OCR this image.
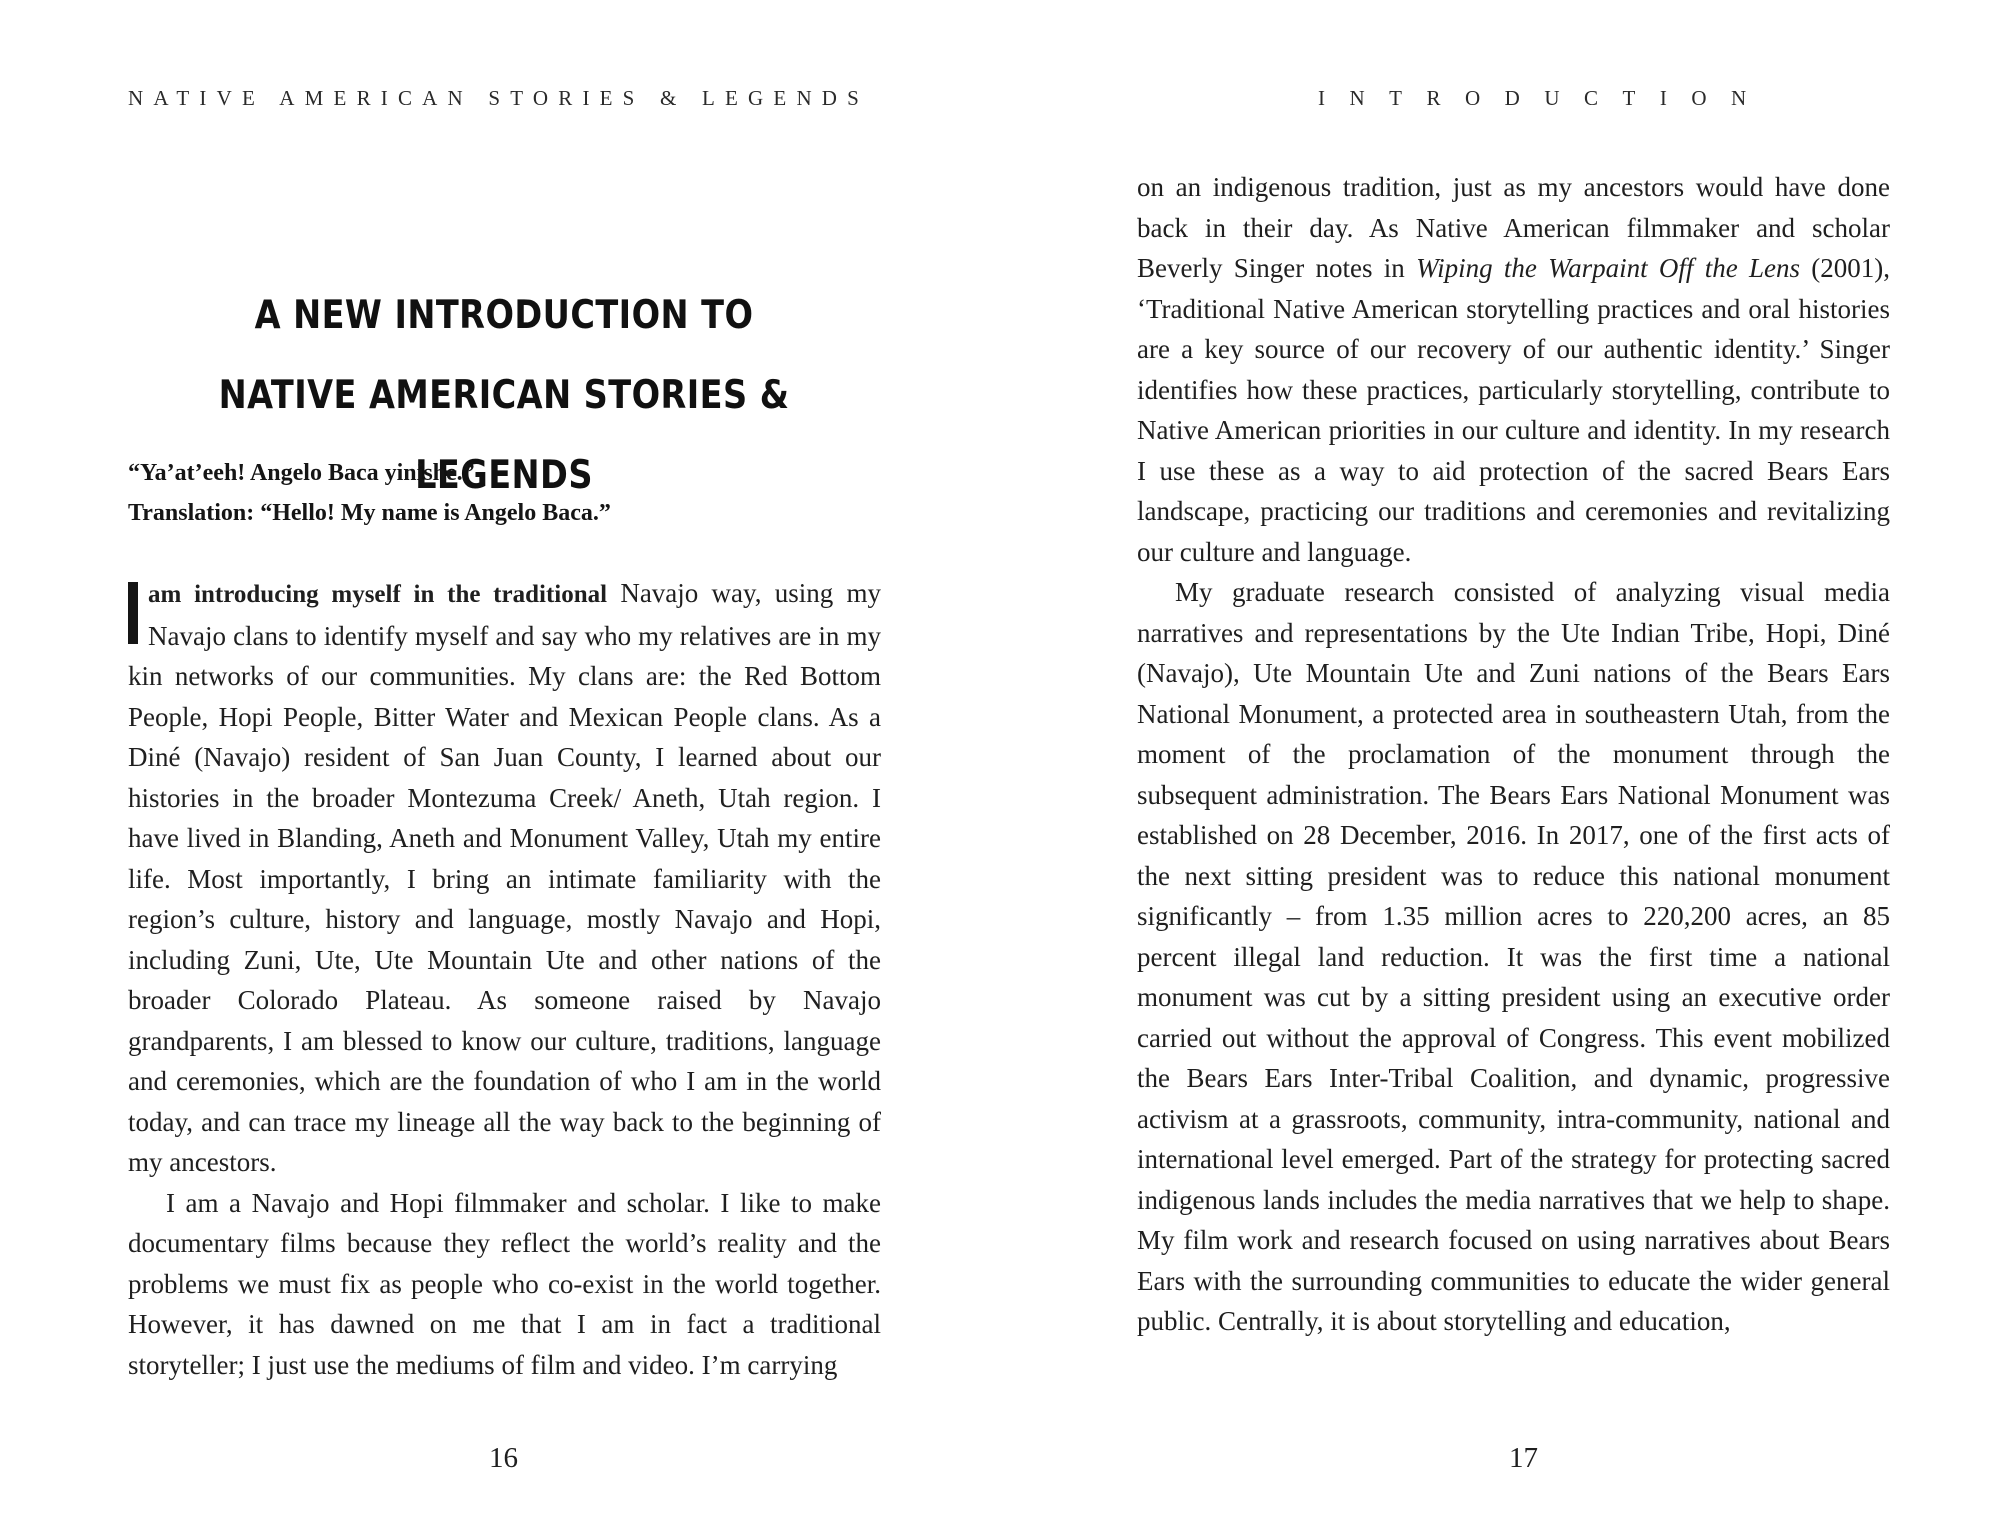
NATIVE AMERICAN STORIES & LEGENDS
A NEW INTRODUCTION TO
NATIVE AMERICAN STORIES & LEGENDS
“Ya’at’eeh! Angelo Baca yinishe.”
Translation: “Hello! My name is Angelo Baca.”

am introducing myself in the traditional Navajo way, using my Navajo clans to identify myself and say who my relatives are in my kin networks of our communities. My clans are: the Red Bottom People, Hopi People, Bitter Water and Mexican People clans. As a Diné (Navajo) resident of San Juan County, I learned about our histories in the broader Montezuma Creek/ Aneth, Utah region. I have lived in Blanding, Aneth and Monument Valley, Utah my entire life. Most importantly, I bring an intimate familiarity with the region’s culture, history and language, mostly Navajo and Hopi, including Zuni, Ute, Ute Mountain Ute and other nations of the broader Colorado Plateau. As someone raised by Navajo grandparents, I am blessed to know our culture, traditions, language and ceremonies, which are the foundation of who I am in the world today, and can trace my lineage all the way back to the beginning of my ancestors.

I am a Navajo and Hopi filmmaker and scholar. I like to make documentary films because they reflect the world’s reality and the problems we must fix as people who co-exist in the world together. However, it has dawned on me that I am in fact a traditional storyteller; I just use the mediums of film and video. I’m carrying

16
INTRODUCTION

on an indigenous tradition, just as my ancestors would have done back in their day. As Native American filmmaker and scholar Beverly Singer notes in Wiping the Warpaint Off the Lens (2001), ‘Traditional Native American storytelling practices and oral histories are a key source of our recovery of our authentic identity.’ Singer identifies how these practices, particularly storytelling, contribute to Native American priorities in our culture and identity. In my research I use these as a way to aid protection of the sacred Bears Ears landscape, practicing our traditions and ceremonies and revitalizing our culture and language.

My graduate research consisted of analyzing visual media narratives and representations by the Ute Indian Tribe, Hopi, Diné (Navajo), Ute Mountain Ute and Zuni nations of the Bears Ears National Monument, a protected area in southeastern Utah, from the moment of the proclamation of the monument through the subsequent administration. The Bears Ears National Monument was established on 28 December, 2016. In 2017, one of the first acts of the next sitting president was to reduce this national monument significantly – from 1.35 million acres to 220,200 acres, an 85 percent illegal land reduction. It was the first time a national monument was cut by a sitting president using an executive order carried out without the approval of Congress. This event mobilized the Bears Ears Inter-Tribal Coalition, and dynamic, progressive activism at a grassroots, community, intra-community, national and international level emerged. Part of the strategy for protecting sacred indigenous lands includes the media narratives that we help to shape. My film work and research focused on using narratives about Bears Ears with the surrounding communities to educate the wider general public. Centrally, it is about storytelling and education,

17
